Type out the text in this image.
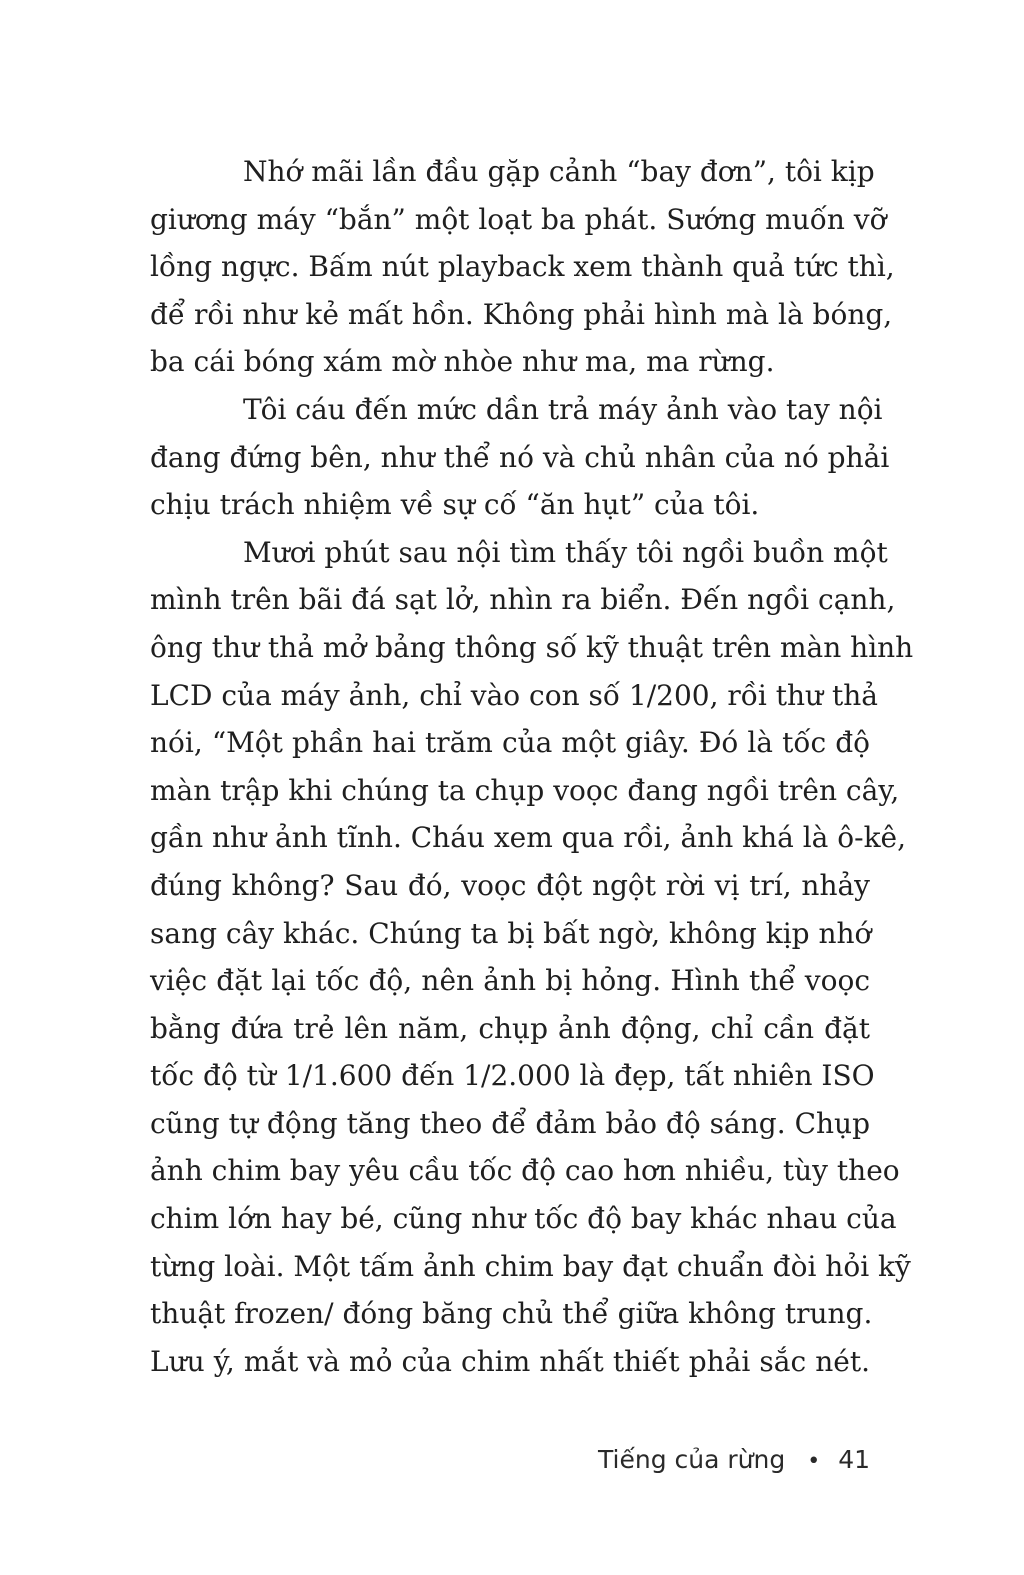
Nhớ mãi lần đầu gặp cảnh “bay đơn”, tôi kịp
giương máy “bắn” một loạt ba phát. Sướng muốn vỡ
lồng ngực. Bấm nút playback xem thành quả tức thì,
để rồi như kẻ mất hồn. Không phải hình mà là bóng,
ba cái bóng xám mờ nhòe như ma, ma rừng.
Tôi cáu đến mức dần trả máy ảnh vào tay nội
đang đứng bên, như thể nó và chủ nhân của nó phải
chịu trách nhiệm về sự cố “ăn hụt” của tôi.
Mươi phút sau nội tìm thấy tôi ngồi buồn một
mình trên bãi đá sạt lở, nhìn ra biển. Đến ngồi cạnh,
ông thư thả mở bảng thông số kỹ thuật trên màn hình
LCD của máy ảnh, chỉ vào con số 1/200, rồi thư thả
nói, “Một phần hai trăm của một giây. Đó là tốc độ
màn trập khi chúng ta chụp voọc đang ngồi trên cây,
gần như ảnh tĩnh. Cháu xem qua rồi, ảnh khá là ô-kê,
đúng không? Sau đó, voọc đột ngột rời vị trí, nhảy
sang cây khác. Chúng ta bị bất ngờ, không kịp nhớ
việc đặt lại tốc độ, nên ảnh bị hỏng. Hình thể voọc
bằng đứa trẻ lên năm, chụp ảnh động, chỉ cần đặt
tốc độ từ 1/1.600 đến 1/2.000 là đẹp, tất nhiên ISO
cũng tự động tăng theo để đảm bảo độ sáng. Chụp
ảnh chim bay yêu cầu tốc độ cao hơn nhiều, tùy theo
chim lớn hay bé, cũng như tốc độ bay khác nhau của
từng loài. Một tấm ảnh chim bay đạt chuẩn đòi hỏi kỹ
thuật frozen/ đóng băng chủ thể giữa không trung.
Lưu ý, mắt và mỏ của chim nhất thiết phải sắc nét.
Tiếng của rừng • 41
